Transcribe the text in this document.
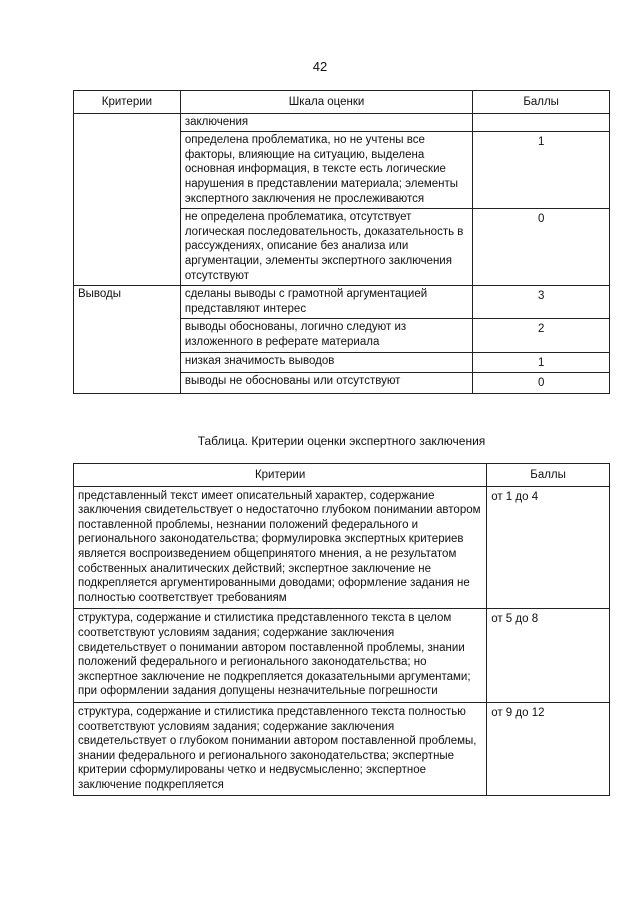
42
Критерии	Шкала оценки	Баллы
	заключения	
	определена проблематика, но не учтены все факторы, влияющие на ситуацию, выделена основная информация, в тексте есть логические нарушения в представлении материала; элементы экспертного заключения не прослеживаются	1
	не определена проблематика, отсутствует логическая последовательность, доказательность в рассуждениях, описание без анализа или аргументации, элементы экспертного заключения отсутствуют	0
Выводы	сделаны выводы с грамотной аргументацией представляют интерес	3
	выводы обоснованы, логично следуют из изложенного в реферате материала	2
	низкая значимость выводов	1
	выводы не обоснованы или отсутствуют	0
Таблица. Критерии оценки экспертного заключения
Критерии	Баллы
представленный текст имеет описательный характер, содержание заключения свидетельствует о недостаточно глубоком понимании автором поставленной проблемы, незнании положений федерального и регионального законодательства; формулировка экспертных критериев является воспроизведением общепринятого мнения, а не результатом собственных аналитических действий; экспертное заключение не подкрепляется аргументированными доводами; оформление задания не полностью соответствует требованиям	от 1 до 4
структура, содержание и стилистика представленного текста в целом соответствуют условиям задания; содержание заключения свидетельствует о понимании автором поставленной проблемы, знании положений федерального и регионального законодательства; но экспертное заключение не подкрепляется доказательными аргументами; при оформлении задания допущены незначительные погрешности	от 5 до 8
структура, содержание и стилистика представленного текста полностью соответствуют условиям задания; содержание заключения свидетельствует о глубоком понимании автором поставленной проблемы, знании федерального и регионального законодательства; экспертные критерии сформулированы четко и недвусмысленно; экспертное заключение подкрепляется	от 9 до 12
